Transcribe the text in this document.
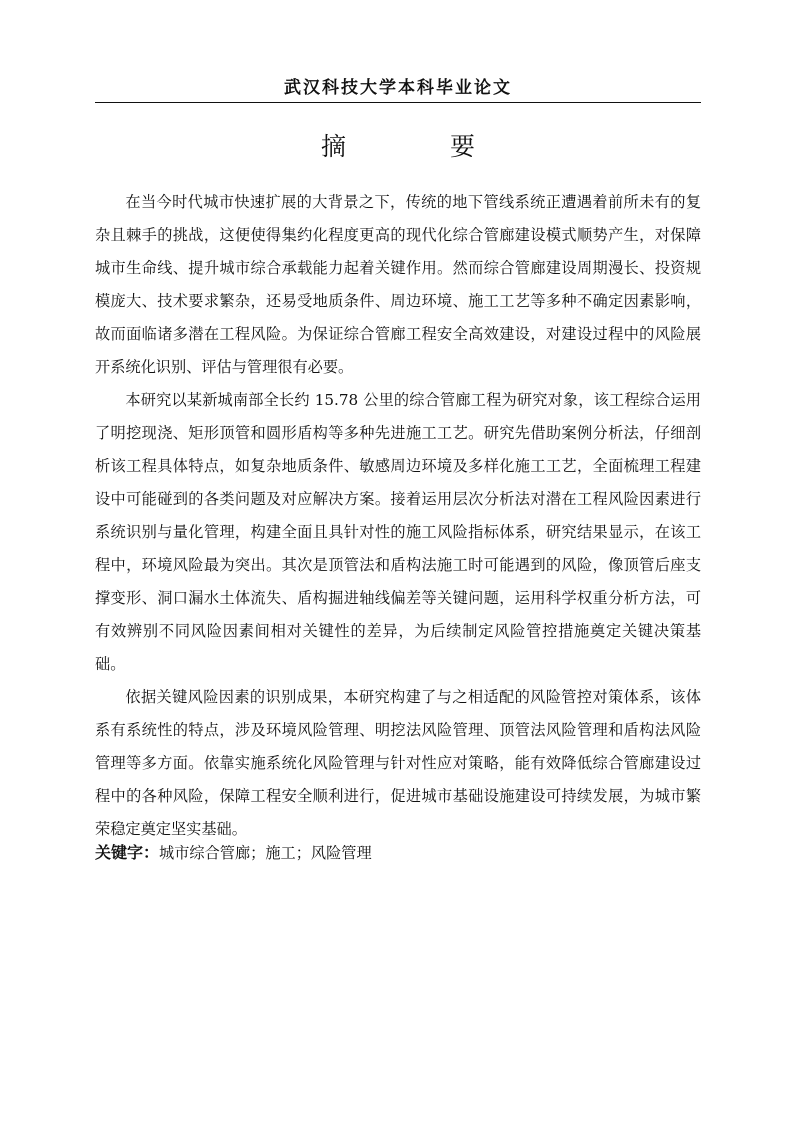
武汉科技大学本科毕业论文
摘 要

在当今时代城市快速扩展的大背景之下，传统的地下管线系统正遭遇着前所未有的复杂且棘手的挑战，这便使得集约化程度更高的现代化综合管廊建设模式顺势产生，对保障城市生命线、提升城市综合承载能力起着关键作用。然而综合管廊建设周期漫长、投资规模庞大、技术要求繁杂，还易受地质条件、周边环境、施工工艺等多种不确定因素影响，故而面临诸多潜在工程风险。为保证综合管廊工程安全高效建设，对建设过程中的风险展开系统化识别、评估与管理很有必要。

本研究以某新城南部全长约 15.78 公里的综合管廊工程为研究对象，该工程综合运用了明挖现浇、矩形顶管和圆形盾构等多种先进施工工艺。研究先借助案例分析法，仔细剖析该工程具体特点，如复杂地质条件、敏感周边环境及多样化施工工艺，全面梳理工程建设中可能碰到的各类问题及对应解决方案。接着运用层次分析法对潜在工程风险因素进行系统识别与量化管理，构建全面且具针对性的施工风险指标体系，研究结果显示，在该工程中，环境风险最为突出。其次是顶管法和盾构法施工时可能遇到的风险，像顶管后座支撑变形、洞口漏水土体流失、盾构掘进轴线偏差等关键问题，运用科学权重分析方法，可有效辨别不同风险因素间相对关键性的差异，为后续制定风险管控措施奠定关键决策基础。

依据关键风险因素的识别成果，本研究构建了与之相适配的风险管控对策体系，该体系有系统性的特点，涉及环境风险管理、明挖法风险管理、顶管法风险管理和盾构法风险管理等多方面。依靠实施系统化风险管理与针对性应对策略，能有效降低综合管廊建设过程中的各种风险，保障工程安全顺利进行，促进城市基础设施建设可持续发展，为城市繁荣稳定奠定坚实基础。

关键字：城市综合管廊；施工；风险管理
